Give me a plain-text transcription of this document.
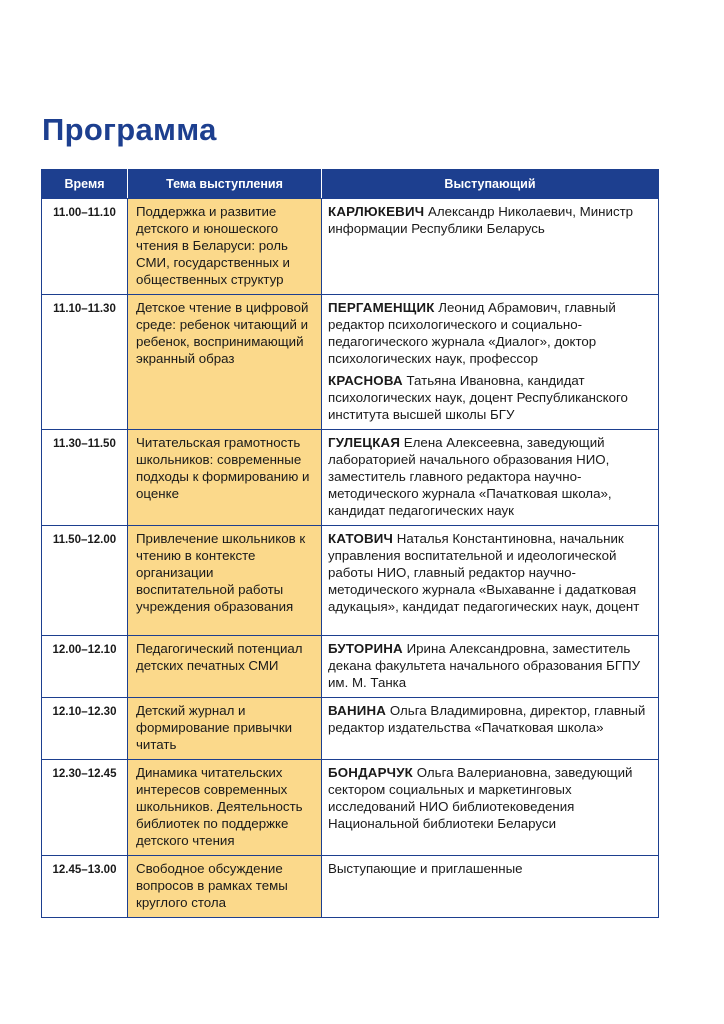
Программа
Время	Тема выступления	Выступающий
11.00–11.10	Поддержка и развитие детского и юношеского чтения в Беларуси: роль СМИ, государственных и общественных структур	КАРЛЮКЕВИЧ Александр Николаевич, Министр информации Республики Беларусь

11.10–11.30	Детское чтение в цифровой среде: ребенок читающий и ребенок, воспринимающий экранный образ	ПЕРГАМЕНЩИК Леонид Абрамович, главный редактор психологического и социально-педагогического журнала «Диалог», доктор психологических наук, профессор
КРАСНОВА Татьяна Ивановна, кандидат психологических наук, доцент Республиканского института высшей школы БГУ

11.30–11.50	Читательская грамотность школьников: современные подходы к формированию и оценке	ГУЛЕЦКАЯ Елена Алексеевна, заведующий лабораторией начального образования НИО, заместитель главного редактора научно-методического журнала «Пачатковая школа», кандидат педагогических наук

11.50–12.00	Привлечение школьников к чтению в контексте организации воспитательной работы учреждения образования	КАТОВИЧ Наталья Константиновна, начальник управления воспитательной и идеологической работы НИО, главный редактор научно-методического журнала «Выхаванне і дадатковая адукацыя», кандидат педагогических наук, доцент

12.00–12.10	Педагогический потенциал детских печатных СМИ	БУТОРИНА Ирина Александровна, заместитель декана факультета начального образования БГПУ им. М. Танка

12.10–12.30	Детский журнал и формирование привычки читать	ВАНИНА Ольга Владимировна, директор, главный редактор издательства «Пачатковая школа»

12.30–12.45	Динамика читательских интересов современных школьников. Деятельность библиотек по поддержке детского чтения	БОНДАРЧУК Ольга Валериановна, заведующий сектором социальных и маркетинговых исследований НИО библиотековедения Национальной библиотеки Беларуси

12.45–13.00	Свободное обсуждение вопросов в рамках темы круглого стола	Выступающие и приглашенные
